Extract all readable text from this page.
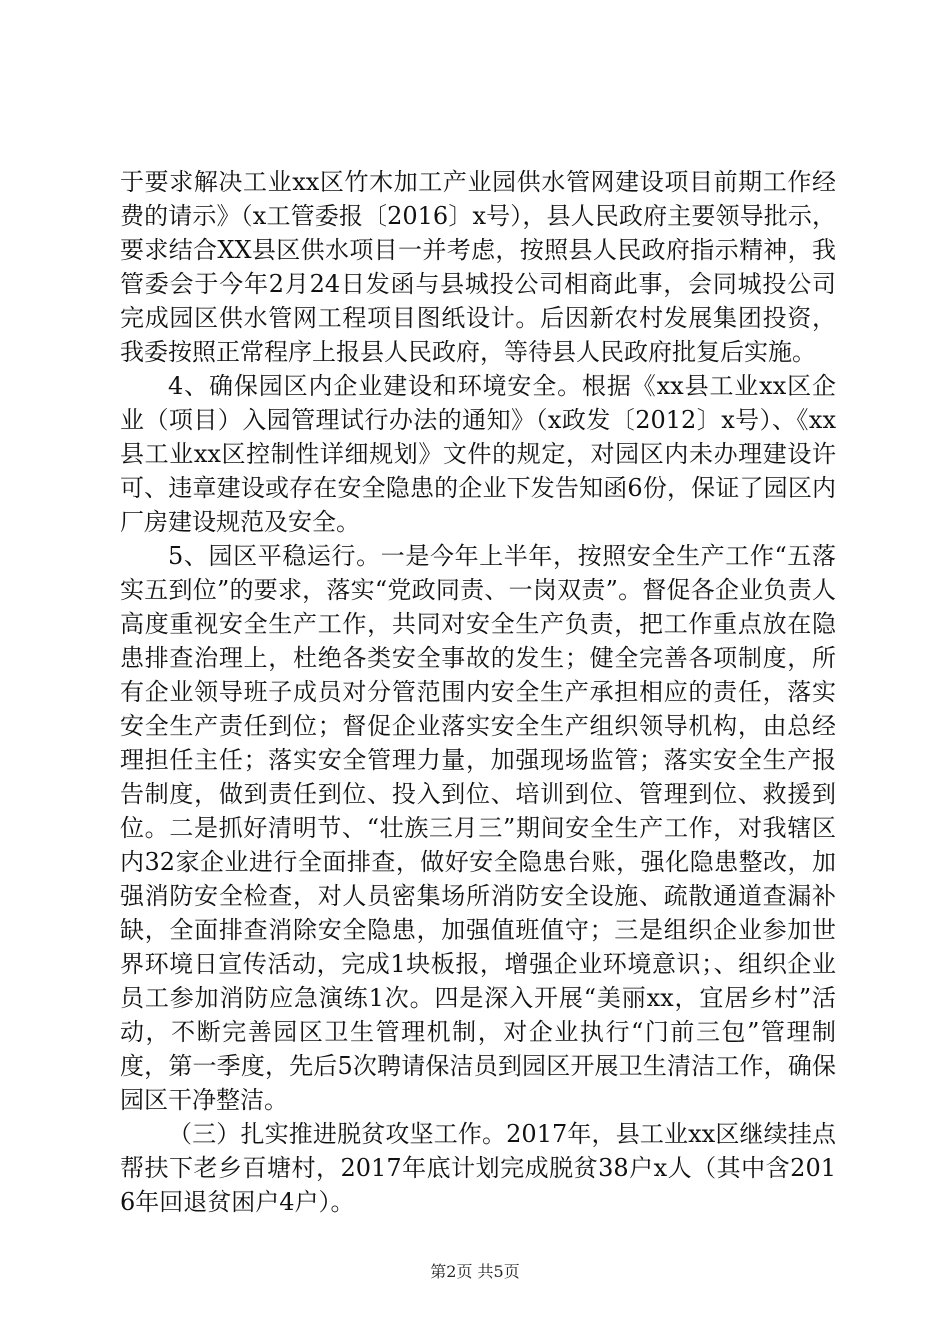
于要求解决工业xx区竹木加工产业园供水管网建设项目前期工作经费的请示》（x工管委报〔2016〕x号），县人民政府主要领导批示，要求结合XX县区供水项目一并考虑，按照县人民政府指示精神，我管委会于今年2月24日发函与县城投公司相商此事，会同城投公司完成园区供水管网工程项目图纸设计。后因新农村发展集团投资，我委按照正常程序上报县人民政府，等待县人民政府批复后实施。

4、确保园区内企业建设和环境安全。根据《xx县工业xx区企业（项目）入园管理试行办法的通知》（x政发〔2012〕x号）、《xx县工业xx区控制性详细规划》文件的规定，对园区内未办理建设许可、违章建设或存在安全隐患的企业下发告知函6份，保证了园区内厂房建设规范及安全。

5、园区平稳运行。一是今年上半年，按照安全生产工作“五落实五到位”的要求，落实“党政同责、一岗双责”。督促各企业负责人高度重视安全生产工作，共同对安全生产负责，把工作重点放在隐患排查治理上，杜绝各类安全事故的发生；健全完善各项制度，所有企业领导班子成员对分管范围内安全生产承担相应的责任，落实安全生产责任到位；督促企业落实安全生产组织领导机构，由总经理担任主任；落实安全管理力量，加强现场监管；落实安全生产报告制度，做到责任到位、投入到位、培训到位、管理到位、救援到位。二是抓好清明节、“壮族三月三”期间安全生产工作，对我辖区内32家企业进行全面排查，做好安全隐患台账，强化隐患整改，加强消防安全检查，对人员密集场所消防安全设施、疏散通道查漏补缺，全面排查消除安全隐患，加强值班值守；三是组织企业参加世界环境日宣传活动，完成1块板报，增强企业环境意识；、组织企业员工参加消防应急演练1次。四是深入开展“美丽xx，宜居乡村”活动，不断完善园区卫生管理机制，对企业执行“门前三包”管理制度，第一季度，先后5次聘请保洁员到园区开展卫生清洁工作，确保园区干净整洁。

（三）扎实推进脱贫攻坚工作。2017年，县工业xx区继续挂点帮扶下老乡百塘村，2017年底计划完成脱贫38户x人（其中含2016年回退贫困户4户）。

第2页 共5页
